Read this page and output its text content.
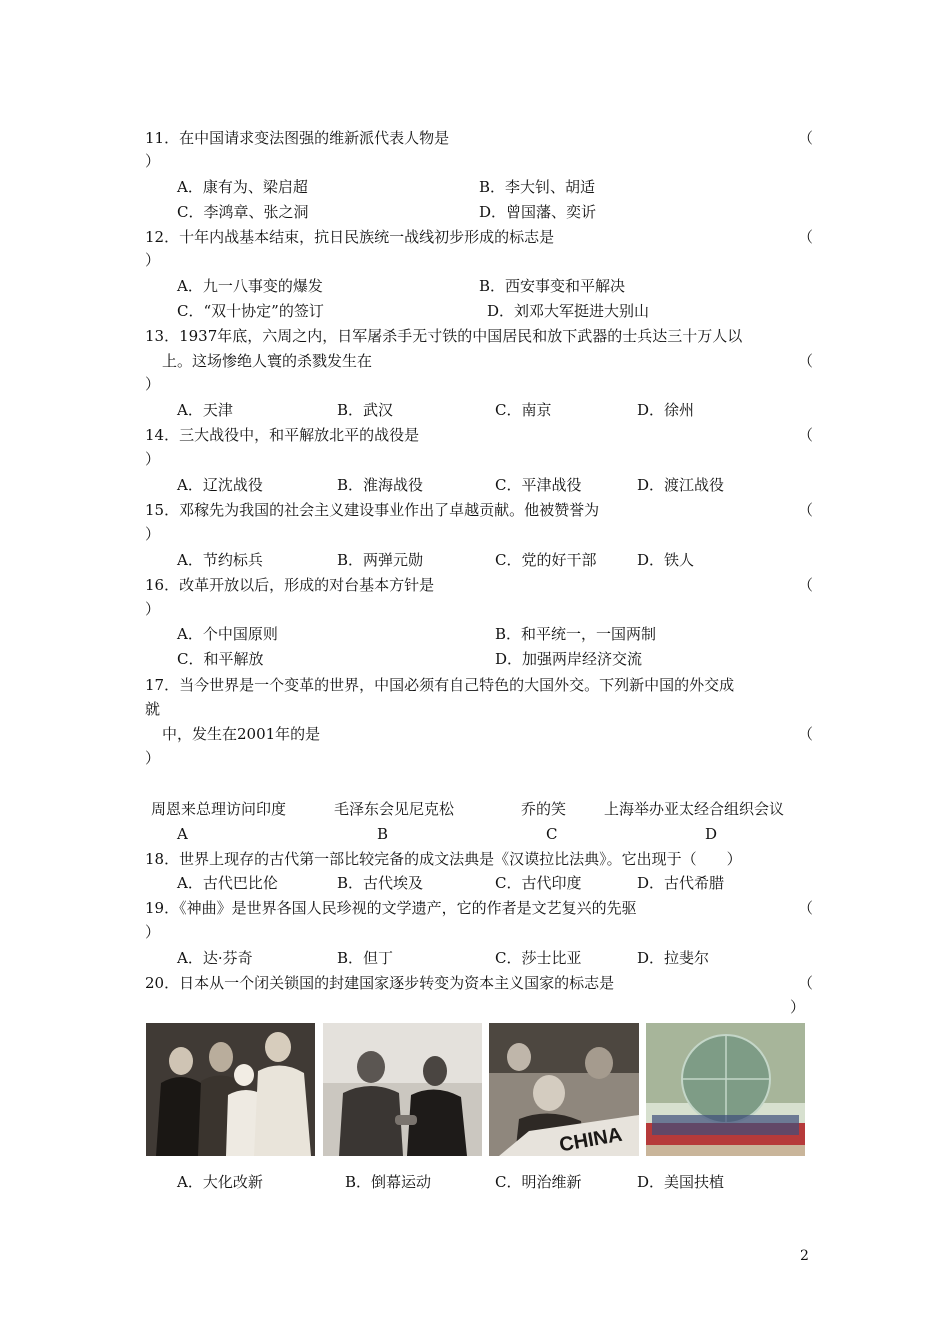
11．在中国请求变法图强的维新派代表人物是	（
）
A．康有为、梁启超	B．李大钊、胡适
C．李鸿章、张之洞	D．曾国藩、奕䜣
12．十年内战基本结束，抗日民族统一战线初步形成的标志是	（
）
A．九一八事变的爆发	B．西安事变和平解决
C．“双十协定”的签订	D．刘邓大军挺进大别山
13．1937年底，六周之内，日军屠杀手无寸铁的中国居民和放下武器的士兵达三十万人以
上。这场惨绝人寰的杀戮发生在	（
）
A．天津	B．武汉	C．南京	D．徐州
14．三大战役中，和平解放北平的战役是	（
）
A．辽沈战役	B．淮海战役	C．平津战役	D．渡江战役
15．邓稼先为我国的社会主义建设事业作出了卓越贡献。他被赞誉为	（
）
A．节约标兵	B．两弹元勋	C．党的好干部	D．铁人
16．改革开放以后，形成的对台基本方针是	（
）
A．个中国原则	B．和平统一，一国两制
C．和平解放	D．加强两岸经济交流
17．当今世界是一个变革的世界，中国必须有自己特色的大国外交。下列新中国的外交成
就
中，发生在2001年的是	（
）
周恩来总理访问印度	毛泽东会见尼克松	乔的笑	上海举办亚太经合组织会议
A	B	C	D
18．世界上现存的古代第一部比较完备的成文法典是《汉谟拉比法典》。它出现于（　　）
A．古代巴比伦	B．古代埃及	C．古代印度	D．古代希腊
19．《神曲》是世界各国人民珍视的文学遗产，它的作者是文艺复兴的先驱	（
）
A．达·芬奇	B．但丁	C．莎士比亚	D．拉斐尔
20．日本从一个闭关锁国的封建国家逐步转变为资本主义国家的标志是	（
）
CHINA
A．大化改新	B．倒幕运动	C．明治维新	D．美国扶植
2
